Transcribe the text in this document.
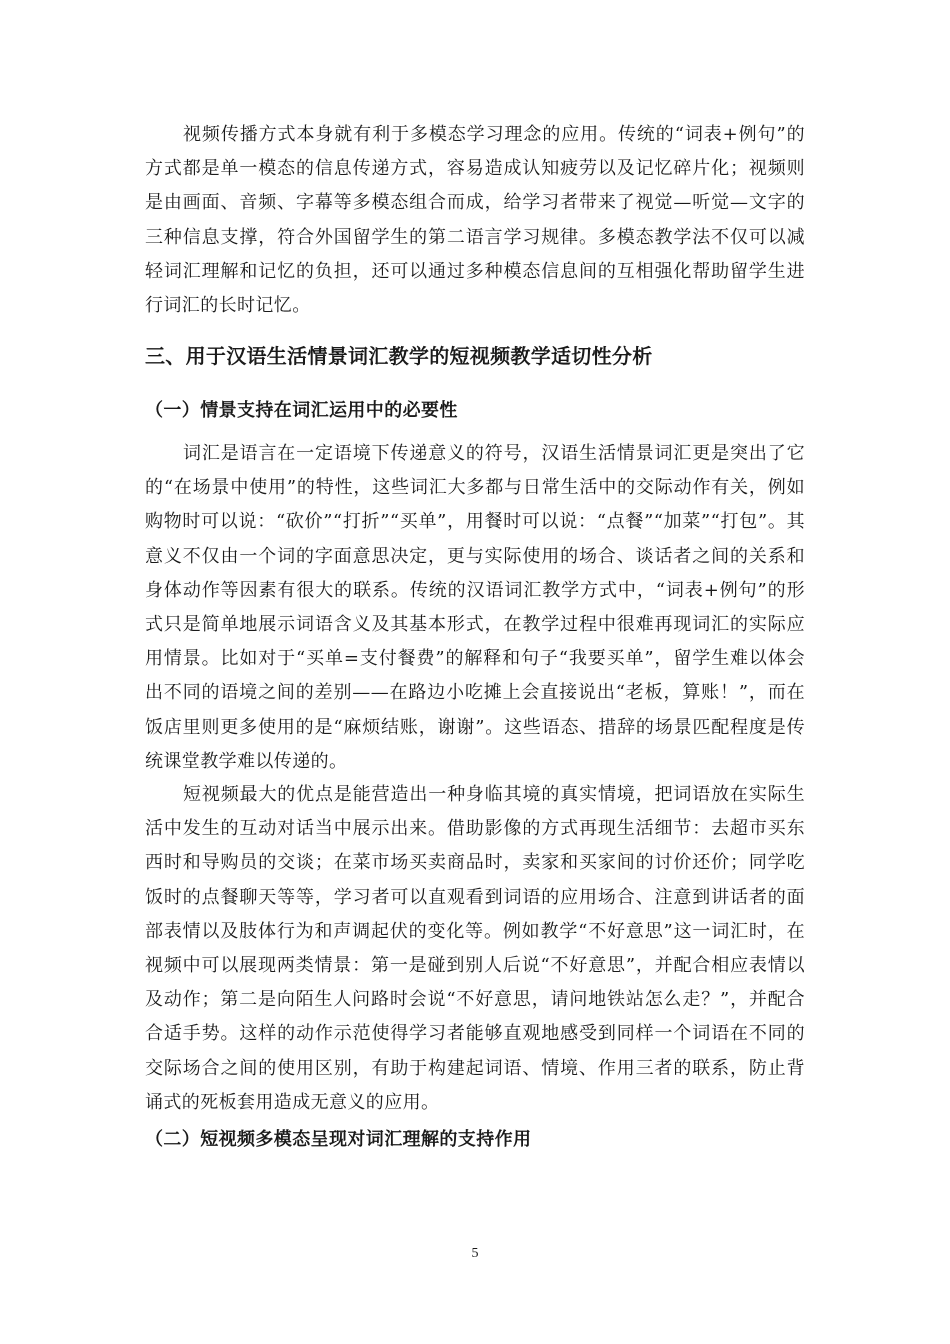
视频传播方式本身就有利于多模态学习理念的应用。传统的“词表+例句”的方式都是单一模态的信息传递方式，容易造成认知疲劳以及记忆碎片化；视频则是由画面、音频、字幕等多模态组合而成，给学习者带来了视觉—听觉—文字的三种信息支撑，符合外国留学生的第二语言学习规律。多模态教学法不仅可以减轻词汇理解和记忆的负担，还可以通过多种模态信息间的互相强化帮助留学生进行词汇的长时记忆。

三、用于汉语生活情景词汇教学的短视频教学适切性分析
（一）情景支持在词汇运用中的必要性

词汇是语言在一定语境下传递意义的符号，汉语生活情景词汇更是突出了它的“在场景中使用”的特性，这些词汇大多都与日常生活中的交际动作有关，例如购物时可以说：“砍价”“打折”“买单”，用餐时可以说：“点餐”“加菜”“打包”。其意义不仅由一个词的字面意思决定，更与实际使用的场合、谈话者之间的关系和身体动作等因素有很大的联系。传统的汉语词汇教学方式中，“词表+例句”的形式只是简单地展示词语含义及其基本形式，在教学过程中很难再现词汇的实际应用情景。比如对于“买单=支付餐费”的解释和句子“我要买单”，留学生难以体会出不同的语境之间的差别——在路边小吃摊上会直接说出“老板，算账！”，而在饭店里则更多使用的是“麻烦结账，谢谢”。这些语态、措辞的场景匹配程度是传统课堂教学难以传递的。

短视频最大的优点是能营造出一种身临其境的真实情境，把词语放在实际生活中发生的互动对话当中展示出来。借助影像的方式再现生活细节：去超市买东西时和导购员的交谈；在菜市场买卖商品时，卖家和买家间的讨价还价；同学吃饭时的点餐聊天等等，学习者可以直观看到词语的应用场合、注意到讲话者的面部表情以及肢体行为和声调起伏的变化等。例如教学“不好意思”这一词汇时，在视频中可以展现两类情景：第一是碰到别人后说“不好意思”，并配合相应表情以及动作；第二是向陌生人问路时会说“不好意思，请问地铁站怎么走？”，并配合合适手势。这样的动作示范使得学习者能够直观地感受到同样一个词语在不同的交际场合之间的使用区别，有助于构建起词语、情境、作用三者的联系，防止背诵式的死板套用造成无意义的应用。

（二）短视频多模态呈现对词汇理解的支持作用
5
